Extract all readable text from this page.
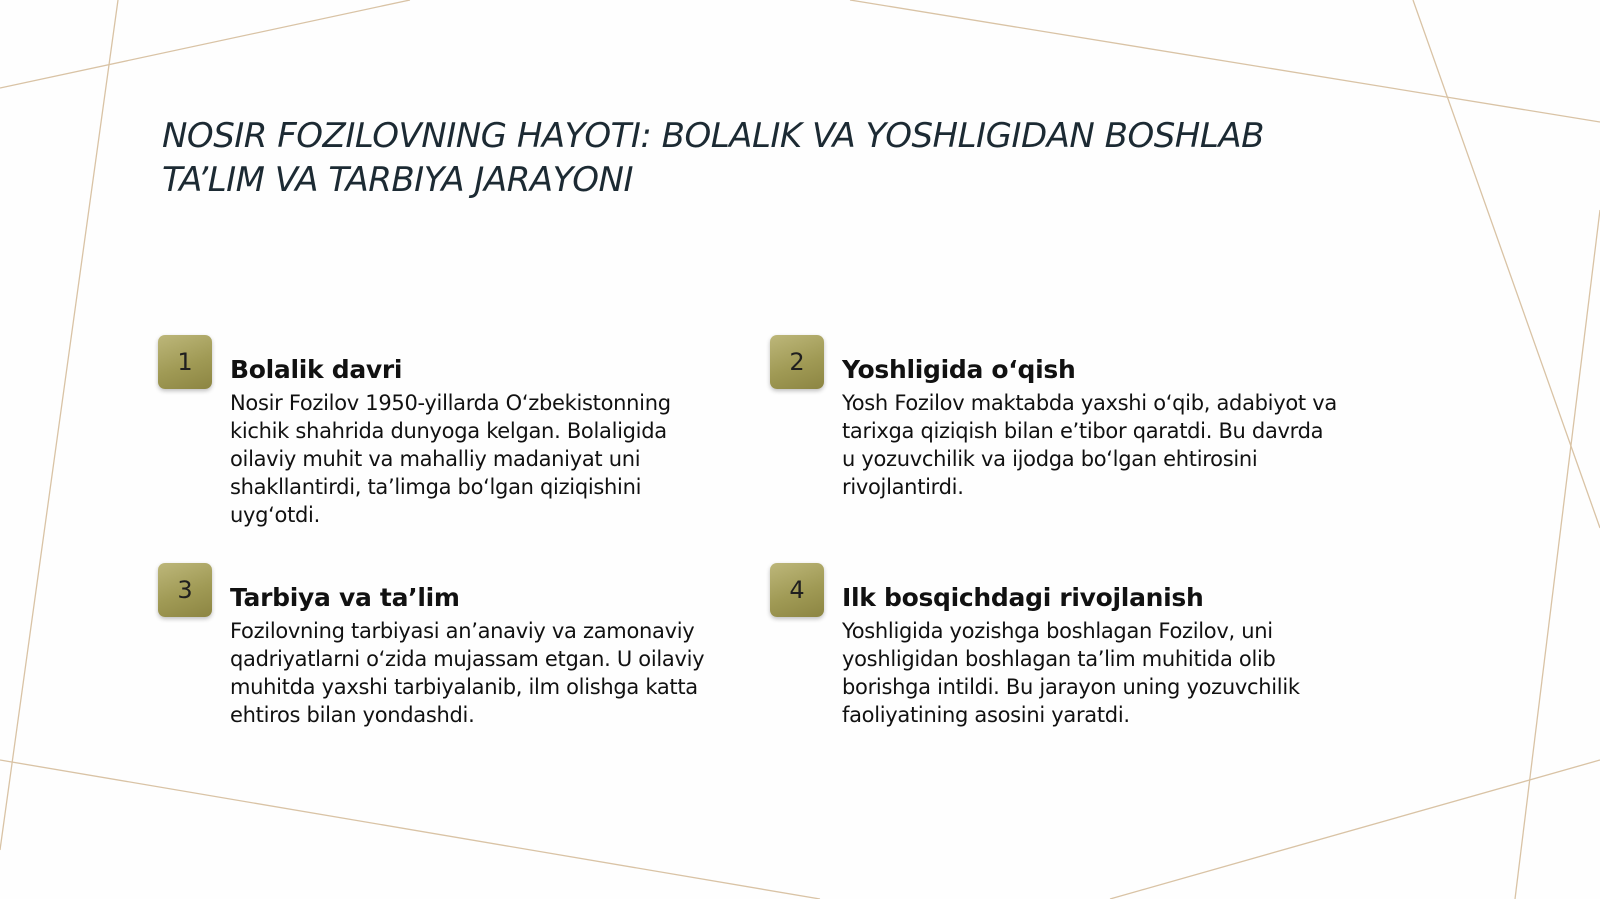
NOSIR FOZILOVNING HAYOTI: BOLALIK VA YOSHLIGIDAN BOSHLAB
TA’LIM VA TARBIYA JARAYONI
1	Bolalik davri

Nosir Fozilov 1950-yillarda O‘zbekistonning kichik shahrida dunyoga kelgan. Bolaligida oilaviy muhit va mahalliy madaniyat uni shakllantirdi, ta’limga bo‘lgan qiziqishini uyg‘otdi.

2	Yoshligida o‘qish

Yosh Fozilov maktabda yaxshi o‘qib, adabiyot va tarixga qiziqish bilan e’tibor qaratdi. Bu davrda u yozuvchilik va ijodga bo‘lgan ehtirosini rivojlantirdi.

3	Tarbiya va ta’lim

Fozilovning tarbiyasi an’anaviy va zamonaviy qadriyatlarni o‘zida mujassam etgan. U oilaviy muhitda yaxshi tarbiyalanib, ilm olishga katta ehtiros bilan yondashdi.

4	Ilk bosqichdagi rivojlanish

Yoshligida yozishga boshlagan Fozilov, uni yoshligidan boshlagan ta’lim muhitida olib borishga intildi. Bu jarayon uning yozuvchilik faoliyatining asosini yaratdi.
